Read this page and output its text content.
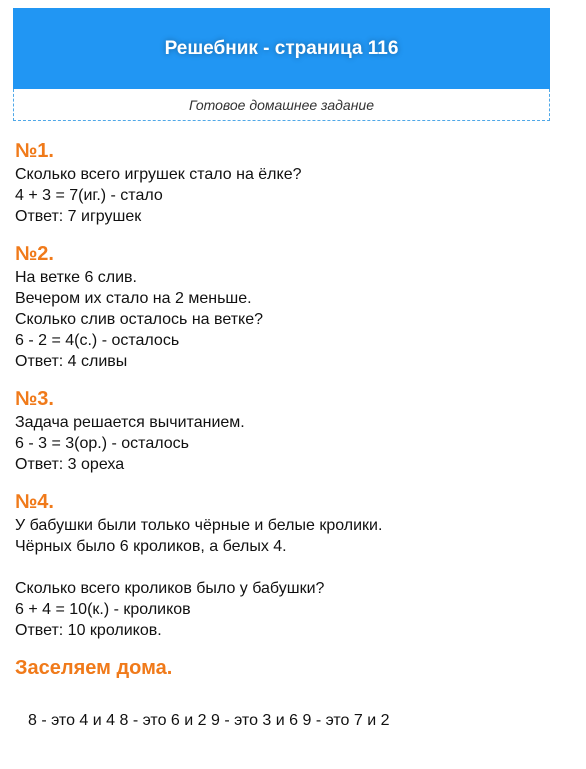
Решебник - страница 116
Готовое домашнее задание
№1.
Сколько всего игрушек стало на ёлке?
4 + 3 = 7(иг.) - стало
Ответ: 7 игрушек
№2.
На ветке 6 слив.
Вечером их стало на 2 меньше.
Сколько слив осталось на ветке?
6 - 2 = 4(с.) - осталось
Ответ: 4 сливы
№3.
Задача решается вычитанием.
6 - 3 = 3(ор.) - осталось
Ответ: 3 ореха
№4.
У бабушки были только чёрные и белые кролики.
Чёрных было 6 кроликов, а белых 4.
Сколько всего кроликов было у бабушки?
6 + 4 = 10(к.) - кроликов
Ответ: 10 кроликов.
Заселяем дома.
8 - это 4 и 4 8 - это 6 и 2 9 - это 3 и 6 9 - это 7 и 2
